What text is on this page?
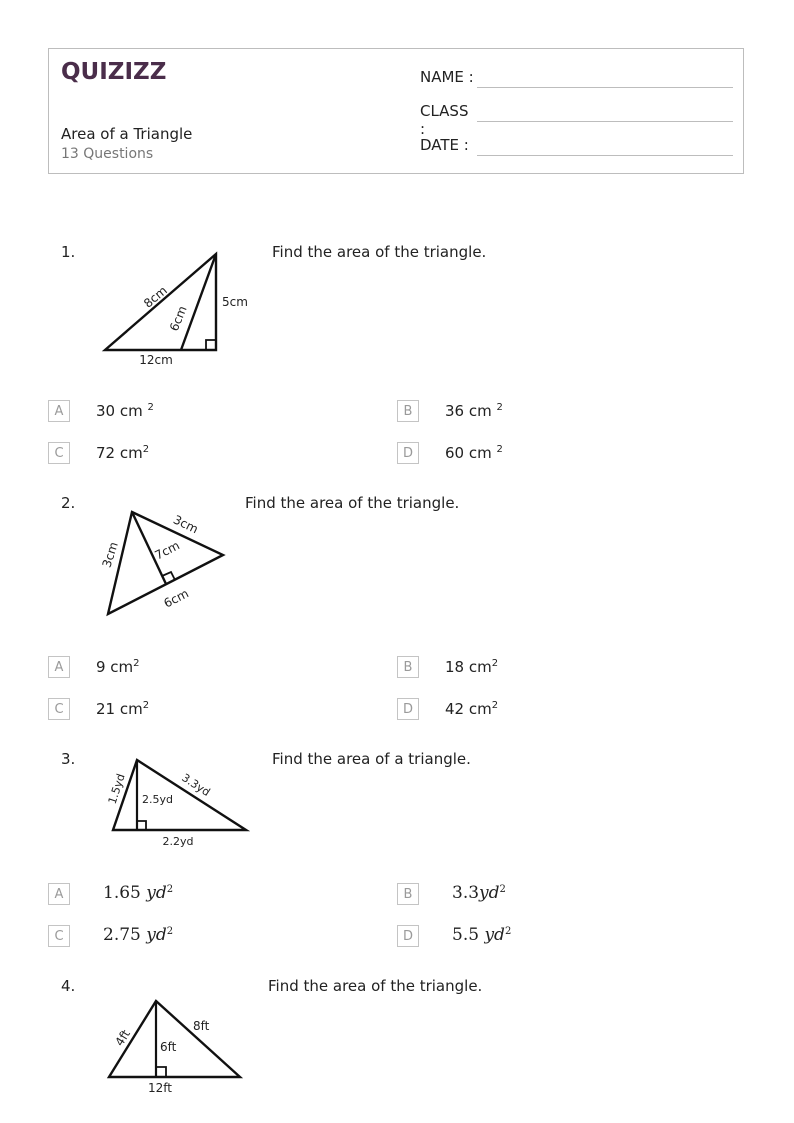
QUIZIZZ
Area of a Triangle
13 Questions
NAME :
CLASS :
DATE :
1.	Find the area of the triangle.
8cm
6cm
5cm
12cm
A	30 cm $^2$	B	36 cm $^2$
C	72 $cm^2$	D	60 cm $^2$
2.	Find the area of the triangle.
3cm
3cm
7cm
6cm
A	9 $cm^2$	B	18 $cm^2$
C	21 $cm^2$	D	42 $cm^2$
3.	Find the area of a triangle.
1.5yd 2.5yd
3.3yd
2.2yd
A	1.65 $yd^2$	B	$3.3yd^2$
C	2.75 $yd^2$	D	5.5 $yd^2$
4.	Find the area of the triangle.
4ft 6ft
8ft
12ft
